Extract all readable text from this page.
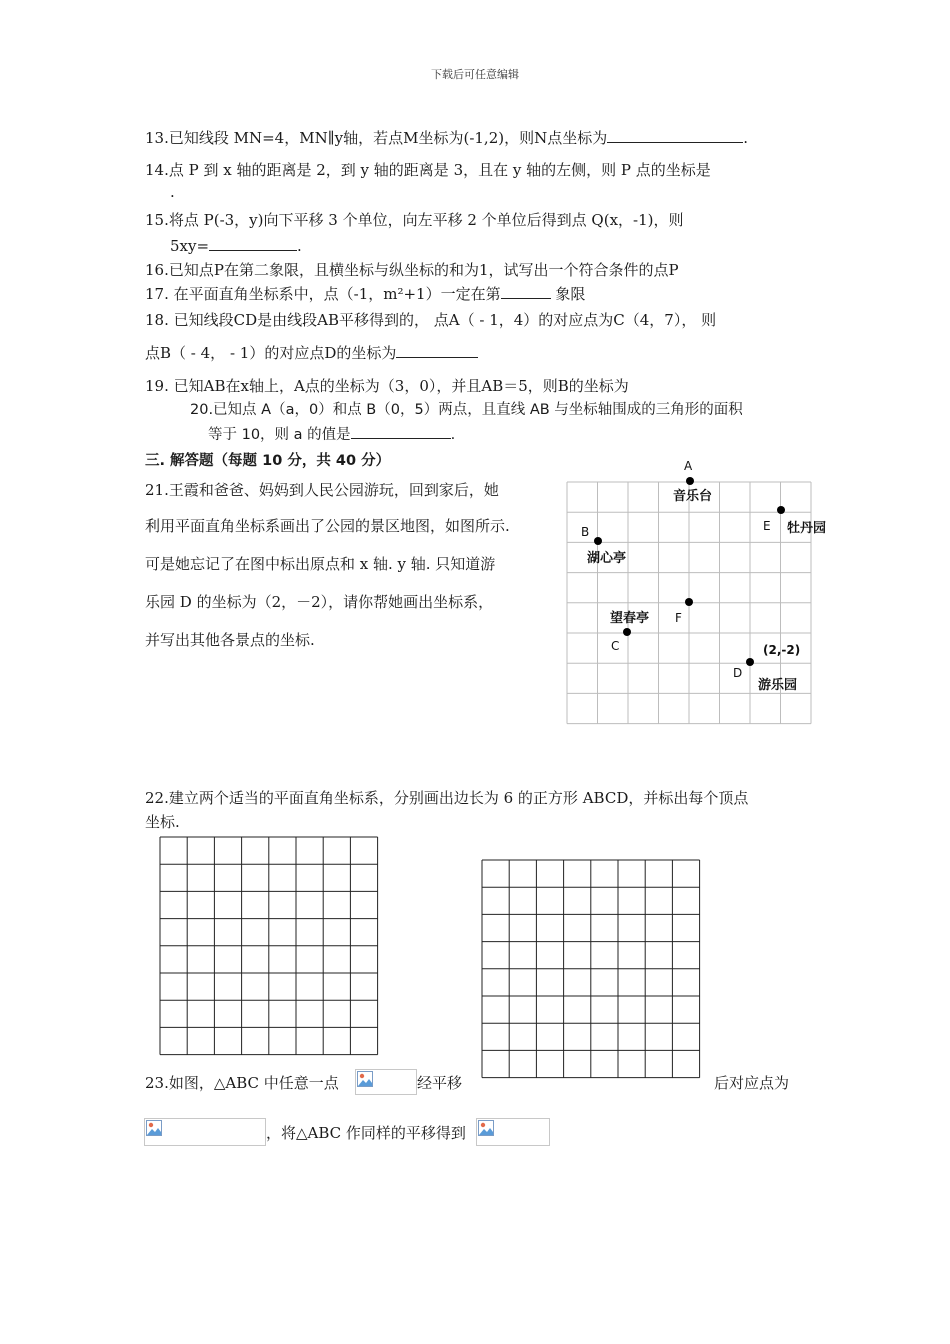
下载后可任意编辑
13.已知线段 MN=4，MN∥y轴，若点M坐标为(-1,2)，则N点坐标为	.
14.点 P 到 x 轴的距离是 2，到 y 轴的距离是 3，且在 y 轴的左侧，则 P 点的坐标是
.
15.将点 P(-3，y)向下平移 3 个单位，向左平移 2 个单位后得到点 Q(x，-1)，则
5xy=	.
16.已知点P在第二象限，且横坐标与纵坐标的和为1，试写出一个符合条件的点P
17. 在平面直角坐标系中，点（-1，m²+1）一定在第	象限
18. 已知线段CD是由线段AB平移得到的， 点A（ - 1，4）的对应点为C（4，7）， 则
点B（ - 4， - 1）的对应点D的坐标为
19. 已知AB在x轴上，A点的坐标为（3，0），并且AB＝5，则B的坐标为
20.已知点 A（a，0）和点 B（0，5）两点，且直线 AB 与坐标轴围成的三角形的面积
等于 10，则 a 的值是	.
三. 解答题（每题 10 分，共 40 分）
21.王霞和爸爸、妈妈到人民公园游玩，回到家后，她
利用平面直角坐标系画出了公园的景区地图，如图所示.
可是她忘记了在图中标出原点和 x 轴. y 轴. 只知道游
乐园 D 的坐标为（2，－2），请你帮她画出坐标系，
并写出其他各景点的坐标.
A
音乐台
E 牡丹园
B
湖心亭
F
望春亭
C	(2,-2)
D
游乐园
22.建立两个适当的平面直角坐标系，分别画出边长为 6 的正方形 ABCD，并标出每个顶点
坐标.
23.如图，△ABC 中任意一点	经平移	后对应点为
，将△ABC 作同样的平移得到
